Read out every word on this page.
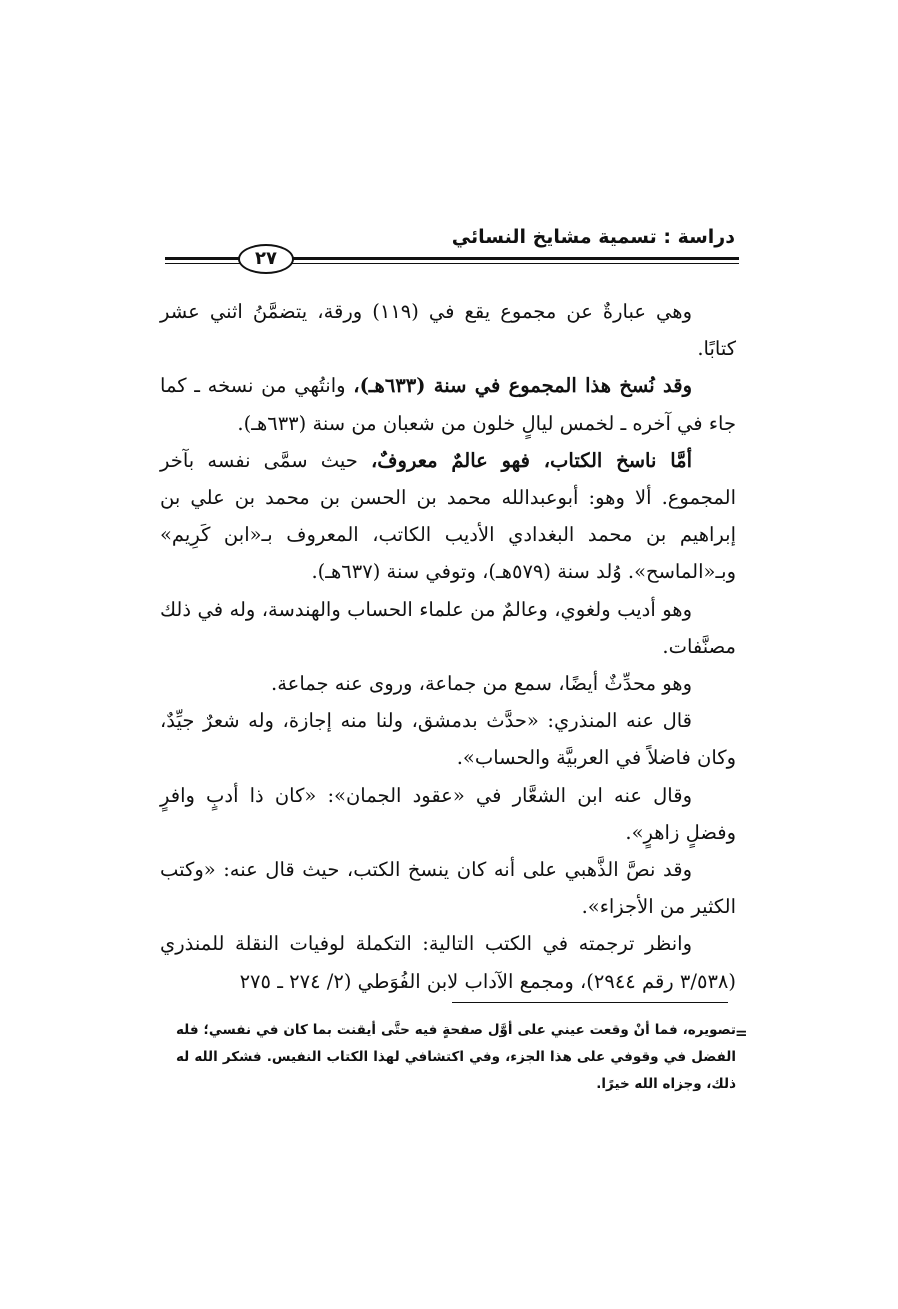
دراسة : تسمية مشايخ النسائي
٢٧

وهي عبارةٌ عن مجموع يقع في (١١٩) ورقة، يتضمَّنُ اثني عشر كتابًا.

وقد نُسخ هذا المجموع في سنة (٦٣٣هـ)، وانتُهي من نسخه ـ كما جاء في آخره ـ لخمس ليالٍ خلون من شعبان من سنة (٦٣٣هـ).

أمَّا ناسخ الكتاب، فهو عالمٌ معروفٌ، حيث سمَّى نفسه بآخر المجموع. ألا وهو: أبوعبدالله محمد بن الحسن بن محمد بن علي بن إبراهيم بن محمد البغدادي الأديب الكاتب، المعروف بـ«ابن كَرِيم» وبـ«الماسح». وُلد سنة (٥٧٩هـ)، وتوفي سنة (٦٣٧هـ).

وهو أديب ولغوي، وعالمٌ من علماء الحساب والهندسة، وله في ذلك مصنَّفات.

وهو محدِّثٌ أيضًا، سمع من جماعة، وروى عنه جماعة.

قال عنه المنذري: «حدَّث بدمشق، ولنا منه إجازة، وله شعرٌ جيِّدٌ، وكان فاضلاً في العربيَّة والحساب».

وقال عنه ابن الشعَّار في «عقود الجمان»: «كان ذا أدبٍ وافرٍ وفضلٍ زاهرٍ».

وقد نصَّ الذَّهبي على أنه كان ينسخ الكتب، حيث قال عنه: «وكتب الكثير من الأجزاء».

وانظر ترجمته في الكتب التالية: التكملة لوفيات النقلة للمنذري (٣/٥٣٨ رقم ٢٩٤٤)، ومجمع الآداب لابن الفُوَطي (٢/ ٢٧٤ ـ ٢٧٥

=

تصويره، فما أنْ وقعت عيني على أوَّل صفحةٍ فيه حتَّى أيقنت بما كان في نفسي؛ فله الفضل في وقوفي على هذا الجزء، وفي اكتشافي لهذا الكتاب النفيس. فشكر الله له ذلك، وجزاه الله خيرًا.
